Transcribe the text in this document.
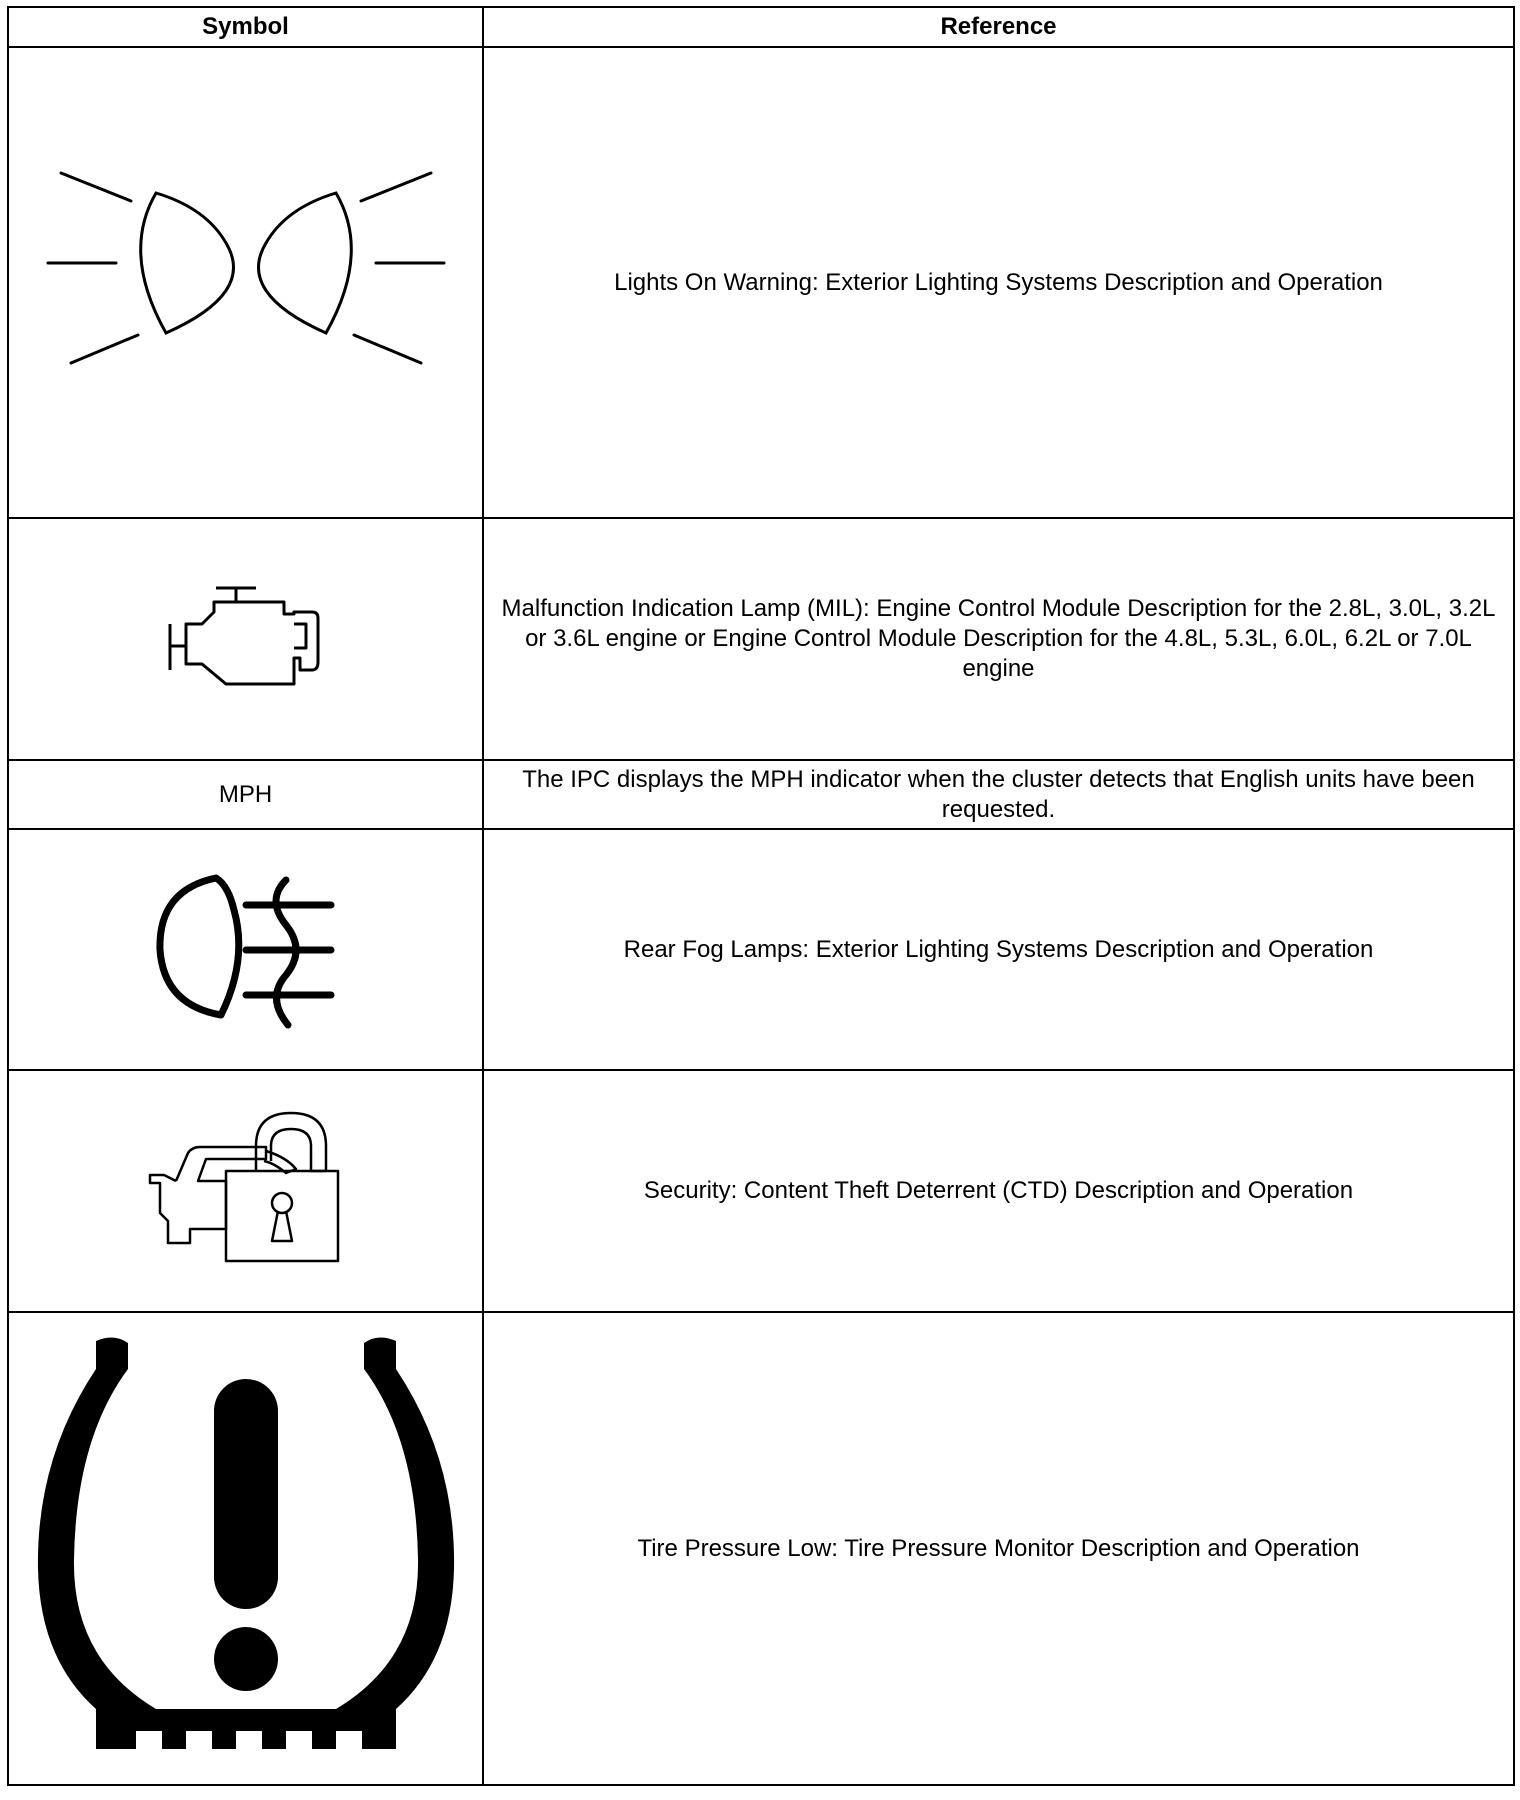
Symbol	Reference

	Lights On Warning: Exterior Lighting Systems Description and Operation

	Malfunction Indication Lamp (MIL): Engine Control Module Description for the 2.8L, 3.0L, 3.2L or 3.6L engine or Engine Control Module Description for the 4.8L, 5.3L, 6.0L, 6.2L or 7.0L engine
MPH	The IPC displays the MPH indicator when the cluster detects that English units have been requested.

	Rear Fog Lamps: Exterior Lighting Systems Description and Operation

	Security: Content Theft Deterrent (CTD) Description and Operation

	Tire Pressure Low: Tire Pressure Monitor Description and Operation
